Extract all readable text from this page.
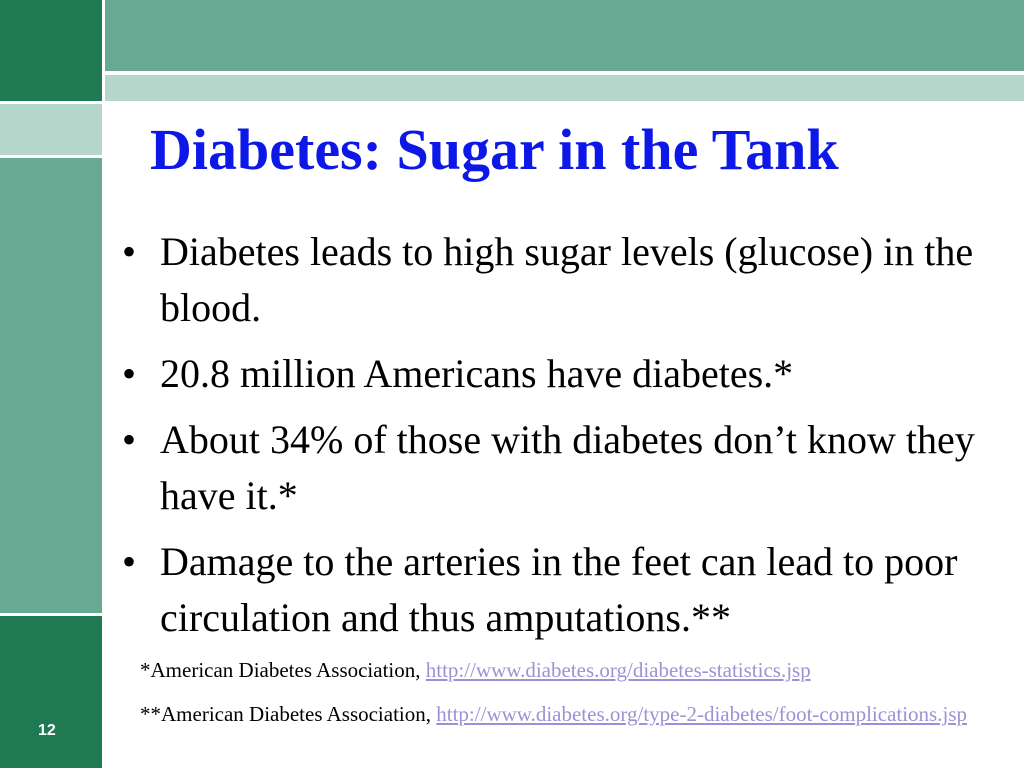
Diabetes: Sugar in the Tank
• Diabetes leads to high sugar levels (glucose) in the blood.
• 20.8 million Americans have diabetes.*
• About 34% of those with diabetes don’t know they have it.*
• Damage to the arteries in the feet can lead to poor circulation and thus amputations.**

*American Diabetes Association, http://www.diabetes.org/diabetes-statistics.jsp

**American Diabetes Association, http://www.diabetes.org/type-2-diabetes/foot-complications.jsp

12
